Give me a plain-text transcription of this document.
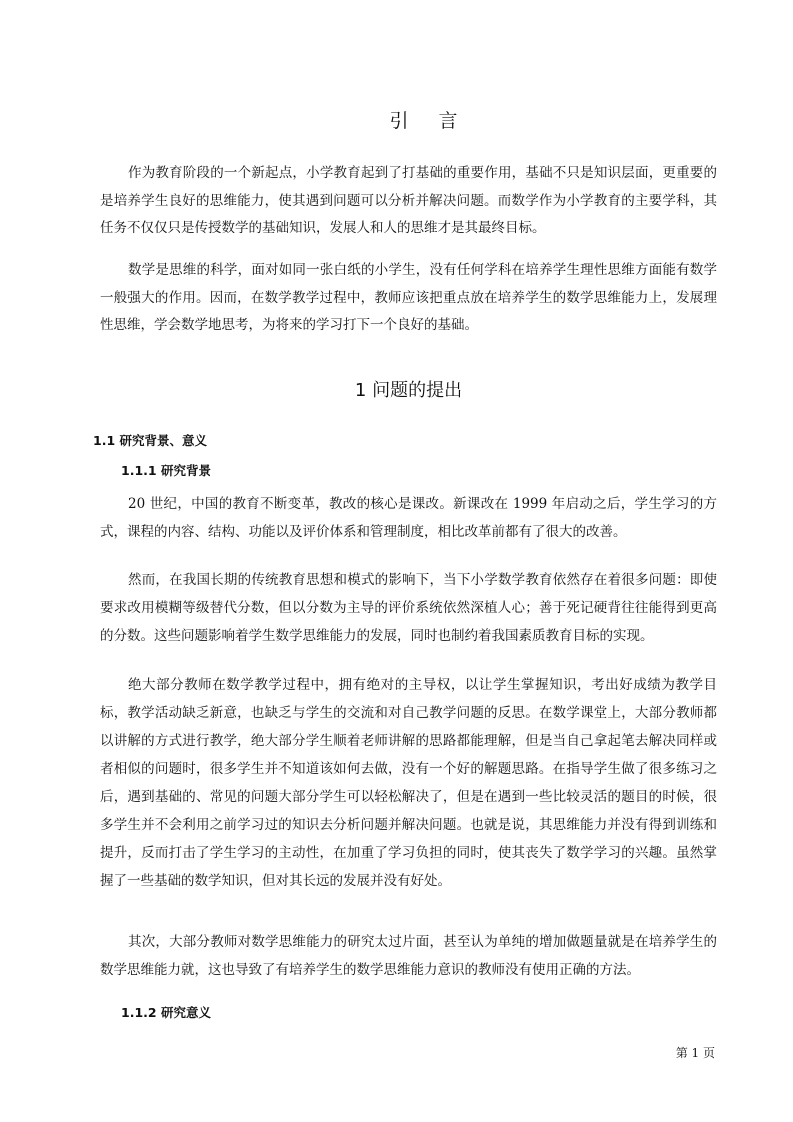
引言

作为教育阶段的一个新起点，小学教育起到了打基础的重要作用，基础不只是知识层面，更重要的是培养学生良好的思维能力，使其遇到问题可以分析并解决问题。而数学作为小学教育的主要学科，其任务不仅仅只是传授数学的基础知识，发展人和人的思维才是其最终目标。

数学是思维的科学，面对如同一张白纸的小学生，没有任何学科在培养学生理性思维方面能有数学一般强大的作用。因而，在数学教学过程中，教师应该把重点放在培养学生的数学思维能力上，发展理性思维，学会数学地思考，为将来的学习打下一个良好的基础。

1 问题的提出
1.1 研究背景、意义
1.1.1 研究背景

20 世纪，中国的教育不断变革，教改的核心是课改。新课改在 1999 年启动之后，学生学习的方式，课程的内容、结构、功能以及评价体系和管理制度，相比改革前都有了很大的改善。

然而，在我国长期的传统教育思想和模式的影响下，当下小学数学教育依然存在着很多问题：即使要求改用模糊等级替代分数，但以分数为主导的评价系统依然深植人心；善于死记硬背往往能得到更高的分数。这些问题影响着学生数学思维能力的发展，同时也制约着我国素质教育目标的实现。

绝大部分教师在数学教学过程中，拥有绝对的主导权，以让学生掌握知识，考出好成绩为教学目标，教学活动缺乏新意，也缺乏与学生的交流和对自己教学问题的反思。在数学课堂上，大部分教师都以讲解的方式进行教学，绝大部分学生顺着老师讲解的思路都能理解，但是当自己拿起笔去解决同样或者相似的问题时，很多学生并不知道该如何去做，没有一个好的解题思路。在指导学生做了很多练习之后，遇到基础的、常见的问题大部分学生可以轻松解决了，但是在遇到一些比较灵活的题目的时候，很多学生并不会利用之前学习过的知识去分析问题并解决问题。也就是说，其思维能力并没有得到训练和提升，反而打击了学生学习的主动性，在加重了学习负担的同时，使其丧失了数学学习的兴趣。虽然掌握了一些基础的数学知识，但对其长远的发展并没有好处。

其次，大部分教师对数学思维能力的研究太过片面，甚至认为单纯的增加做题量就是在培养学生的数学思维能力就，这也导致了有培养学生的数学思维能力意识的教师没有使用正确的方法。

1.1.2 研究意义

第 1 页
